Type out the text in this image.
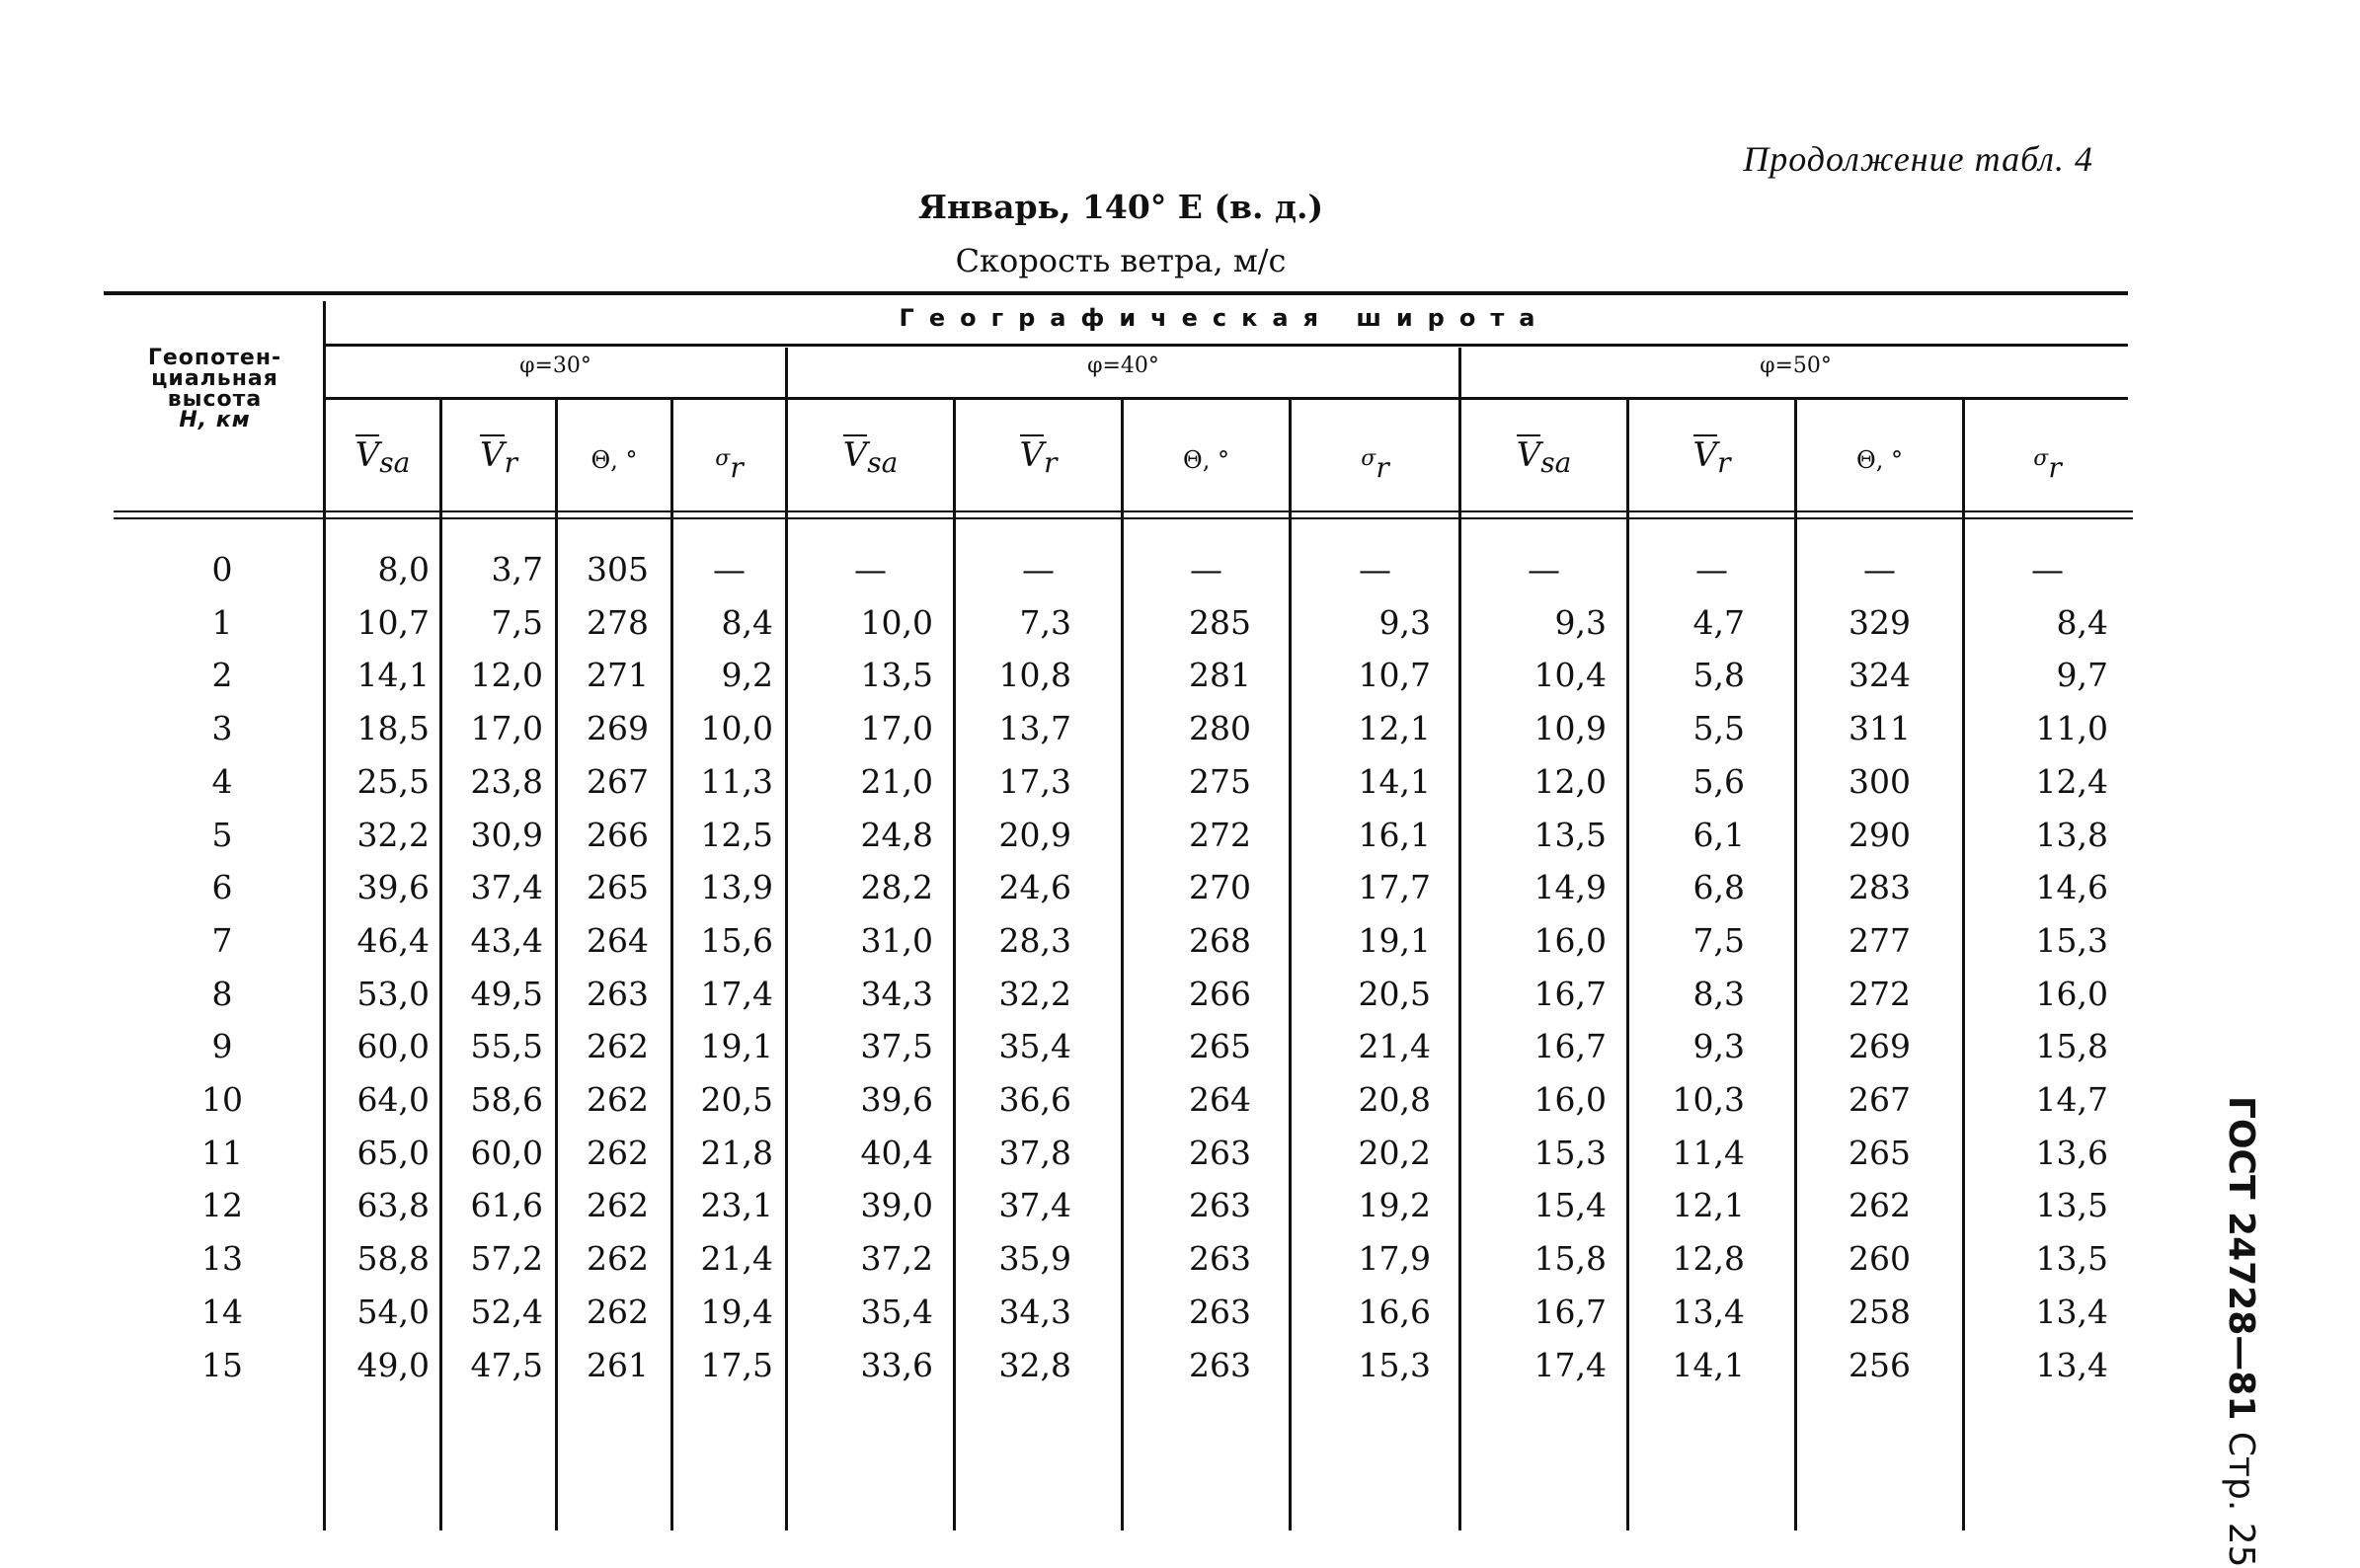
Продолжение табл. 4
Январь, 140° Е (в. д.)
Скорость ветра, м/с
Геопотен-
циальная
высота
H, км
Географическая широта
φ=30°	φ=40°	φ=50°
$V_{sa}$	$V_r$	Θ, °	σr	$V_{sa}$	$V_r$	Θ, °	σr	$V_{sa}$	$V_r$	Θ, °	σr
0	8,0	3,7	305	—	—	—	—	—	—	—	—	—
1	10,7	7,5	278	8,4	10,0	7,3	285	9,3	9,3	4,7	329	8,4
2	14,1	12,0	271	9,2	13,5	10,8	281	10,7	10,4	5,8	324	9,7
3	18,5	17,0	269	10,0	17,0	13,7	280	12,1	10,9	5,5	311	11,0
4	25,5	23,8	267	11,3	21,0	17,3	275	14,1	12,0	5,6	300	12,4
5	32,2	30,9	266	12,5	24,8	20,9	272	16,1	13,5	6,1	290	13,8
6	39,6	37,4	265	13,9	28,2	24,6	270	17,7	14,9	6,8	283	14,6
7	46,4	43,4	264	15,6	31,0	28,3	268	19,1	16,0	7,5	277	15,3
8	53,0	49,5	263	17,4	34,3	32,2	266	20,5	16,7	8,3	272	16,0
9	60,0	55,5	262	19,1	37,5	35,4	265	21,4	16,7	9,3	269	15,8
10	64,0	58,6	262	20,5	39,6	36,6	264	20,8	16,0	10,3	267	14,7
11	65,0	60,0	262	21,8	40,4	37,8	263	20,2	15,3	11,4	265	13,6
12	63,8	61,6	262	23,1	39,0	37,4	263	19,2	15,4	12,1	262	13,5
13	58,8	57,2	262	21,4	37,2	35,9	263	17,9	15,8	12,8	260	13,5
14	54,0	52,4	262	19,4	35,4	34,3	263	16,6	16,7	13,4	258	13,4
15	49,0	47,5	261	17,5	33,6	32,8	263	15,3	17,4	14,1	256	13,4	ГОСТ 24728—81 Стр. 25
